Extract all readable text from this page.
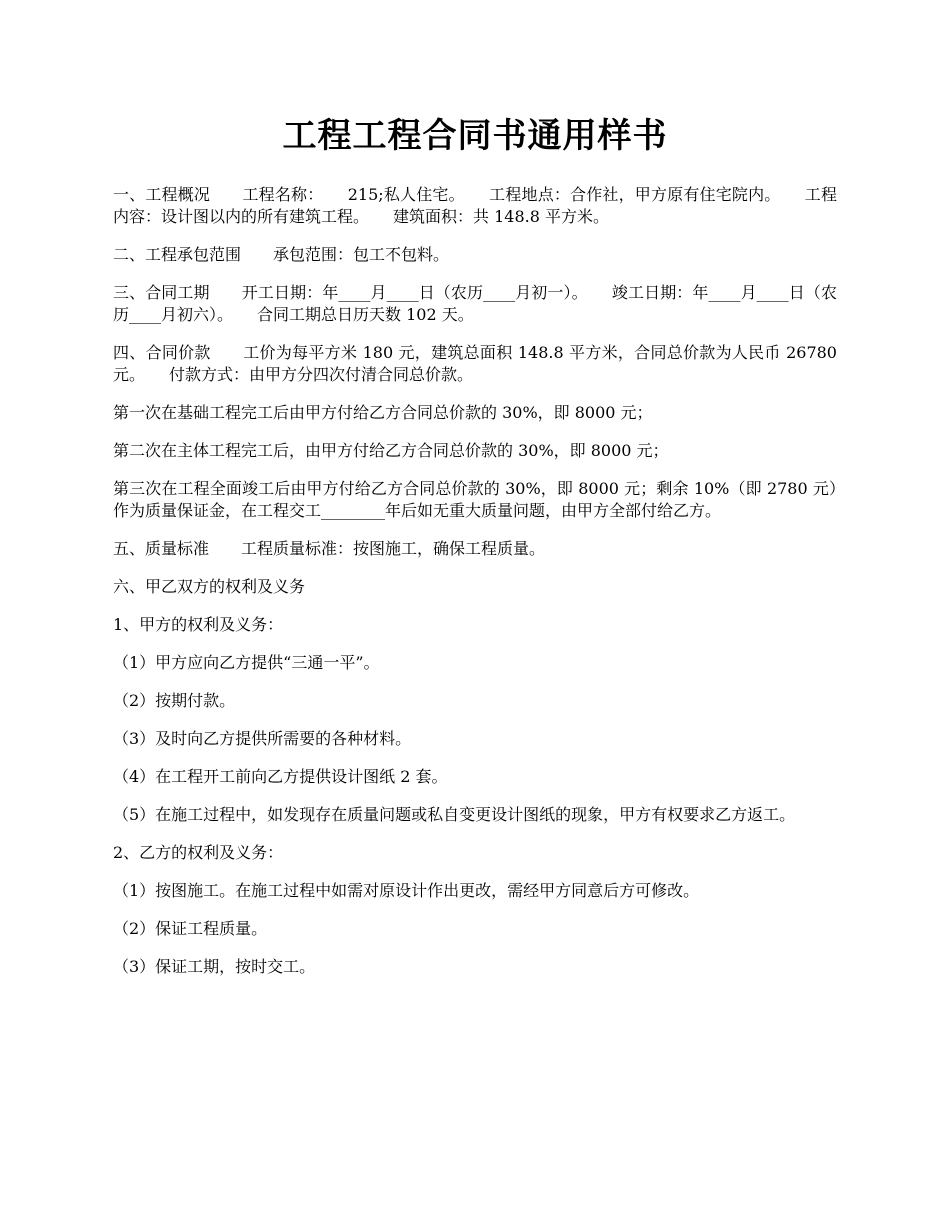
工程工程合同书通用样书

一、工程概况　　工程名称：　　215;私人住宅。　　工程地点：合作社，甲方原有住宅院内。　　工程内容：设计图以内的所有建筑工程。　　建筑面积：共 148.8 平方米。

二、工程承包范围　　承包范围：包工不包料。

三、合同工期　　开工日期：年____月____日（农历____月初一）。　　竣工日期：年____月____日（农历____月初六）。　　合同工期总日历天数 102 天。

四、合同价款　　工价为每平方米 180 元，建筑总面积 148.8 平方米，合同总价款为人民币 26780 元。　　付款方式：由甲方分四次付清合同总价款。

第一次在基础工程完工后由甲方付给乙方合同总价款的 30%，即 8000 元；

第二次在主体工程完工后，由甲方付给乙方合同总价款的 30%，即 8000 元；

第三次在工程全面竣工后由甲方付给乙方合同总价款的 30%，即 8000 元；剩余 10%（即 2780 元）作为质量保证金，在工程交工________年后如无重大质量问题，由甲方全部付给乙方。

五、质量标准　　工程质量标准：按图施工，确保工程质量。

六、甲乙双方的权利及义务

1、甲方的权利及义务：

（1）甲方应向乙方提供“三通一平”。

（2）按期付款。

（3）及时向乙方提供所需要的各种材料。

（4）在工程开工前向乙方提供设计图纸 2 套。

（5）在施工过程中，如发现存在质量问题或私自变更设计图纸的现象，甲方有权要求乙方返工。

2、乙方的权利及义务：

（1）按图施工。在施工过程中如需对原设计作出更改，需经甲方同意后方可修改。

（2）保证工程质量。

（3）保证工期，按时交工。
